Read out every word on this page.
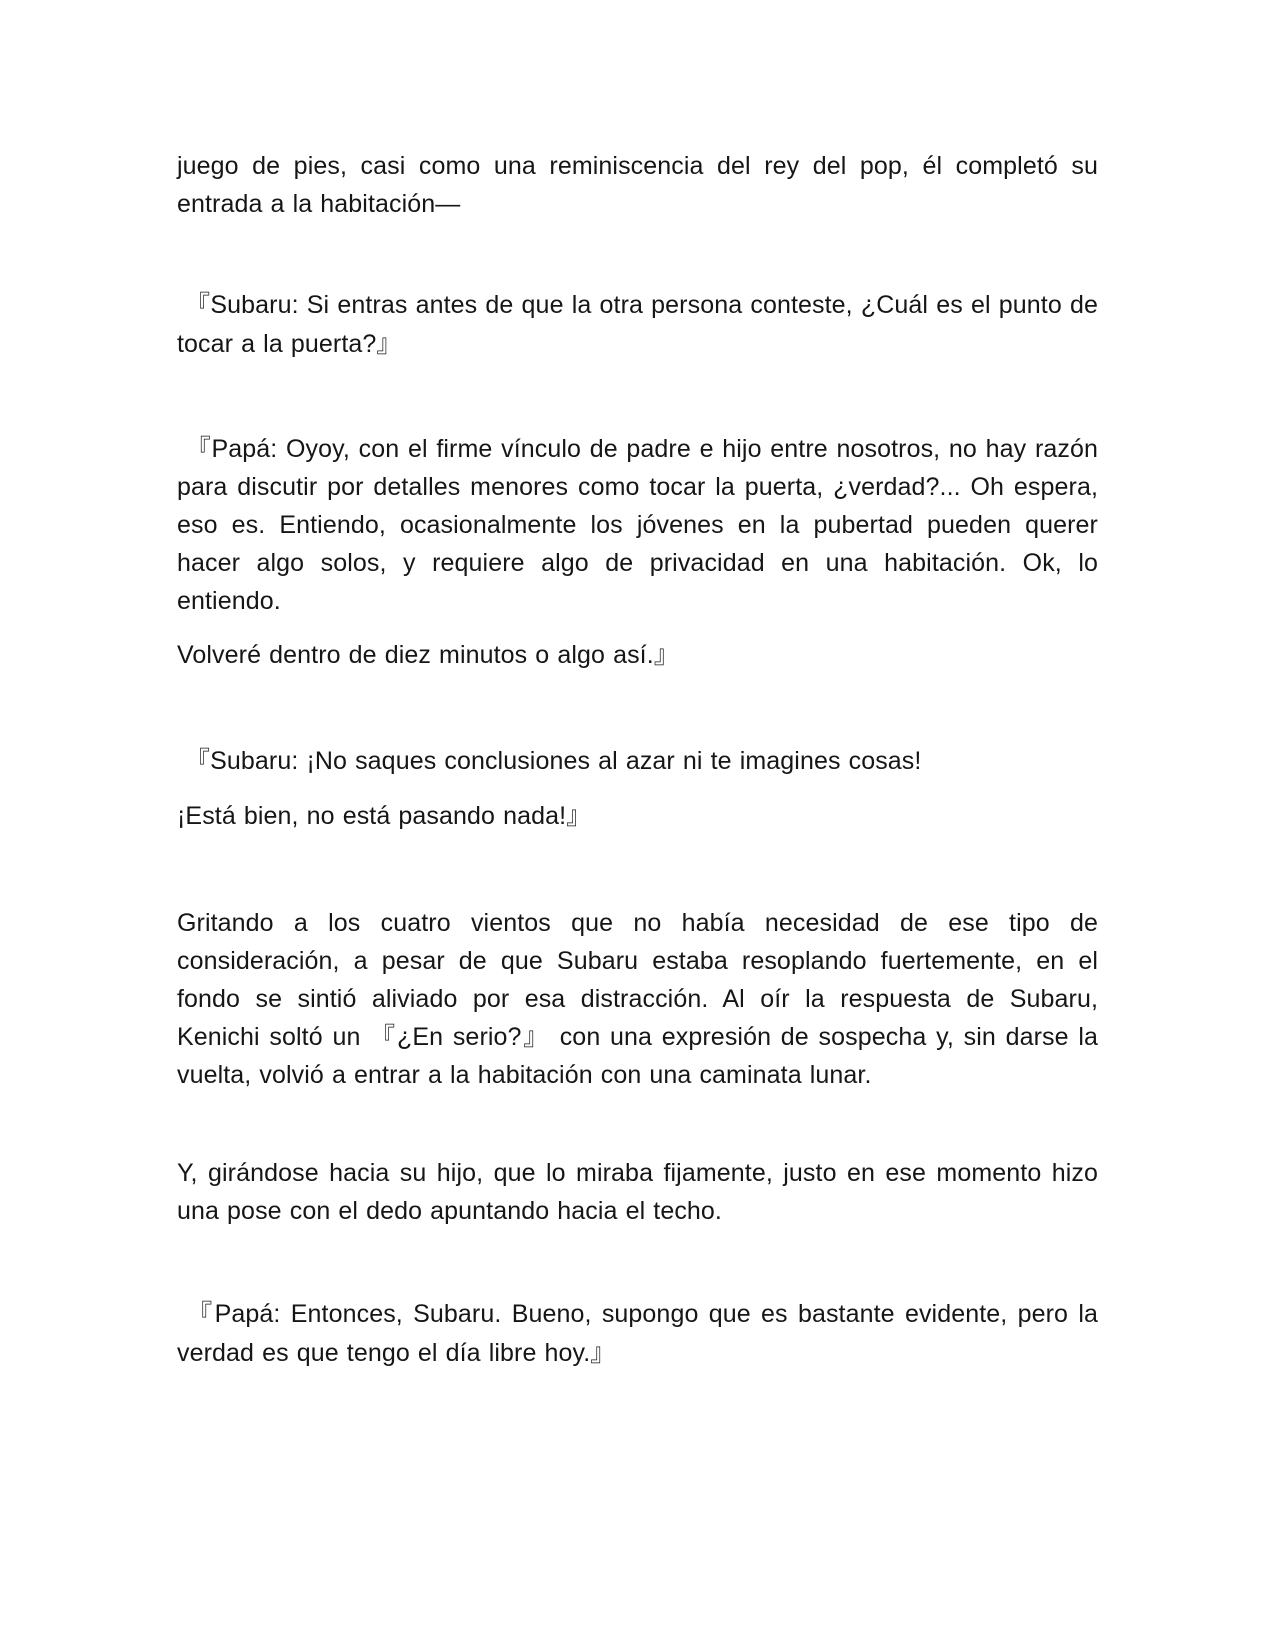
juego de pies, casi como una reminiscencia del rey del pop, él completó su entrada a la habitación—

『Subaru: Si entras antes de que la otra persona conteste, ¿Cuál es el punto de tocar a la puerta?』

『Papá: Oyoy, con el firme vínculo de padre e hijo entre nosotros, no hay razón para discutir por detalles menores como tocar la puerta, ¿verdad?... Oh espera, eso es. Entiendo, ocasionalmente los jóvenes en la pubertad pueden querer hacer algo solos, y requiere algo de privacidad en una habitación. Ok, lo entiendo.

Volveré dentro de diez minutos o algo así.』

『Subaru: ¡No saques conclusiones al azar ni te imagines cosas!

¡Está bien, no está pasando nada!』

Gritando a los cuatro vientos que no había necesidad de ese tipo de consideración, a pesar de que Subaru estaba resoplando fuertemente, en el fondo se sintió aliviado por esa distracción. Al oír la respuesta de Subaru, Kenichi soltó un 『¿En serio?』 con una expresión de sospecha y, sin darse la vuelta, volvió a entrar a la habitación con una caminata lunar.

Y, girándose hacia su hijo, que lo miraba fijamente, justo en ese momento hizo una pose con el dedo apuntando hacia el techo.

『Papá: Entonces, Subaru. Bueno, supongo que es bastante evidente, pero la verdad es que tengo el día libre hoy.』
